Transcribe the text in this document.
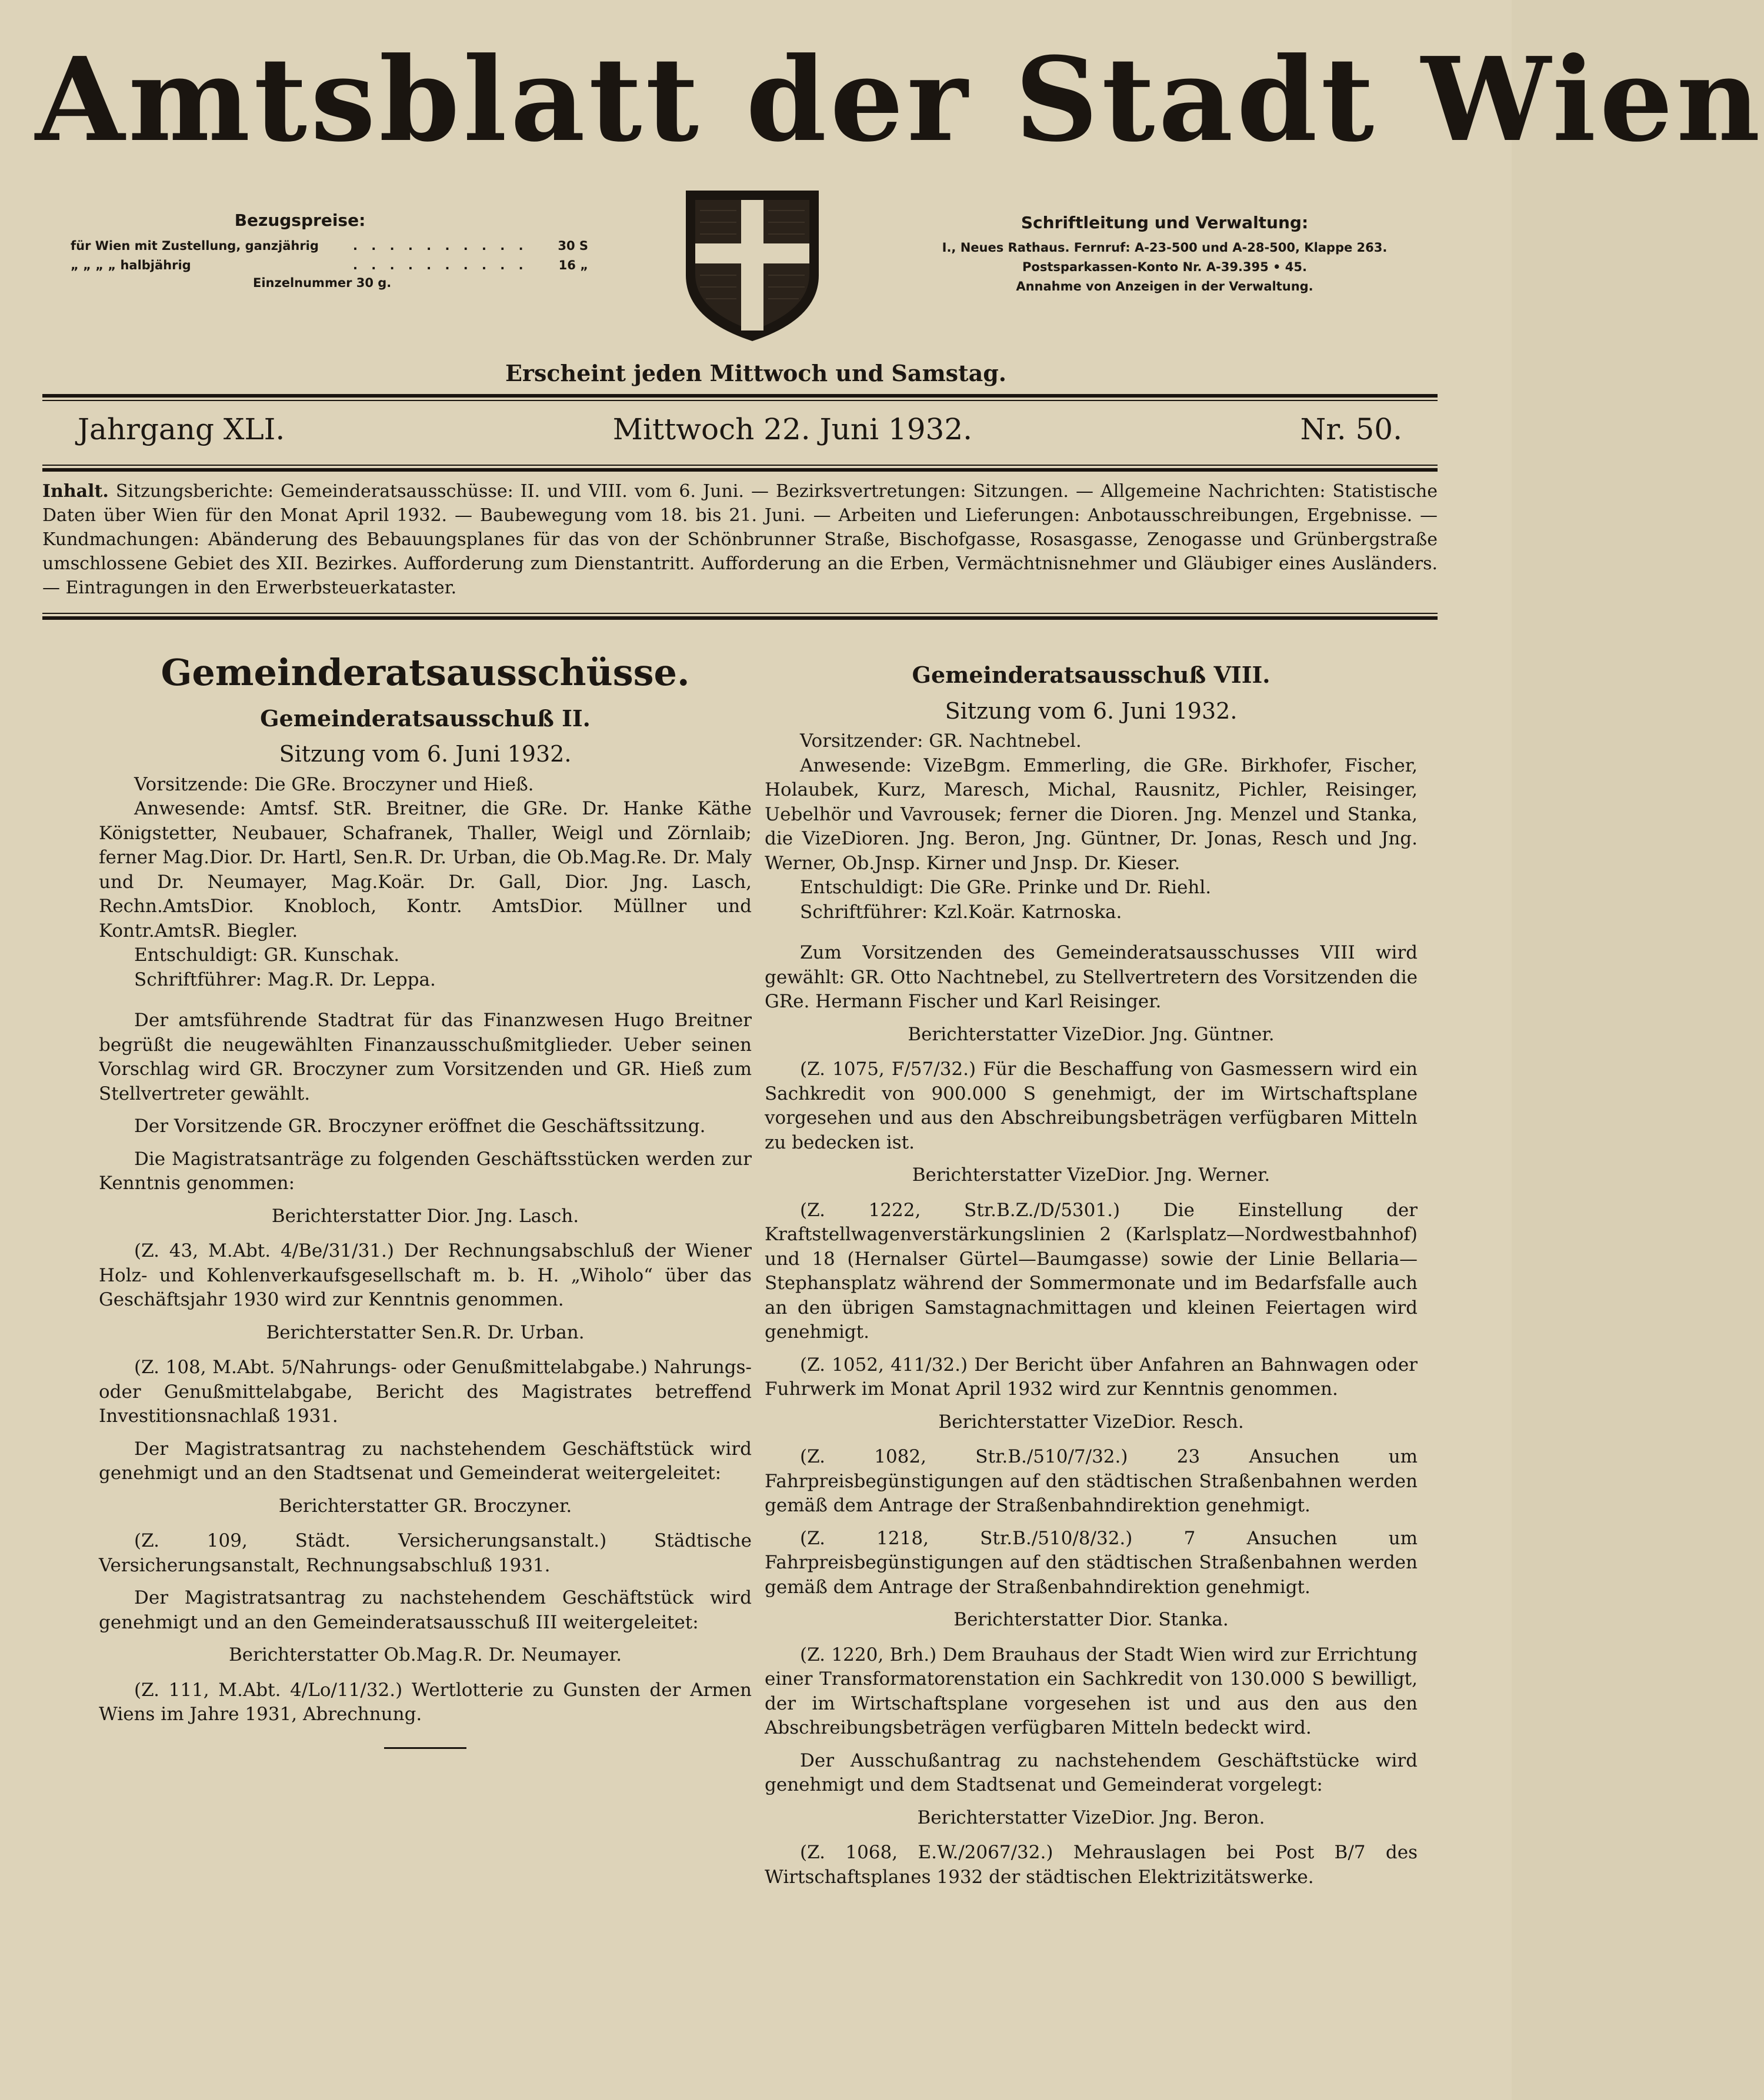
Amtsblatt der Stadt Wien
Bezugspreise:
für Wien mit Zustellung, ganzjährig	. . . . . . . . . .	30 S
„ „ „ „ halbjährig	. . . . . . . . . .	16 „
Einzelnummer 30 g.
Schriftleitung und Verwaltung:
I., Neues Rathaus. Fernruf: A-23-500 und A-28-500, Klappe 263.
Postsparkassen-Konto Nr. A-39.395 • 45.
Annahme von Anzeigen in der Verwaltung.
Erscheint jeden Mittwoch und Samstag.
Jahrgang XLI.	Mittwoch 22. Juni 1932.	Nr. 50.
Inhalt. Sitzungsberichte: Gemeinderatsausschüsse: II. und VIII. vom 6. Juni. — Bezirksvertretungen: Sitzungen. — Allgemeine Nachrichten: Statistische Daten über Wien für den Monat April 1932. — Baubewegung vom 18. bis 21. Juni. — Arbeiten und Lieferungen: Anbotausschreibungen, Ergebnisse. — Kundmachungen: Abänderung des Bebauungsplanes für das von der Schönbrunner Straße, Bischofgasse, Rosasgasse, Zenogasse und Grünbergstraße umschlossene Gebiet des XII. Bezirkes. Aufforderung zum Dienstantritt. Aufforderung an die Erben, Vermächtnisnehmer und Gläubiger eines Ausländers. — Eintragungen in den Erwerbsteuerkataster.
Gemeinderatsausschüsse.
Gemeinderatsausschuß II.
Sitzung vom 6. Juni 1932.

Vorsitzende: Die GRe. Broczyner und Hieß.

Anwesende: Amtsf. StR. Breitner, die GRe. Dr. Hanke Käthe Königstetter, Neubauer, Schafranek, Thaller, Weigl und Zörnlaib; ferner Mag.Dior. Dr. Hartl, Sen.R. Dr. Urban, die Ob.Mag.Re. Dr. Maly und Dr. Neumayer, Mag.Koär. Dr. Gall, Dior. Jng. Lasch, Rechn.AmtsDior. Knobloch, Kontr. AmtsDior. Müllner und Kontr.AmtsR. Biegler.

Entschuldigt: GR. Kunschak.

Schriftführer: Mag.R. Dr. Leppa.

Der amtsführende Stadtrat für das Finanzwesen Hugo Breitner begrüßt die neugewählten Finanzausschußmitglieder. Ueber seinen Vorschlag wird GR. Broczyner zum Vorsitzenden und GR. Hieß zum Stellvertreter gewählt.

Der Vorsitzende GR. Broczyner eröffnet die Geschäftssitzung.

Die Magistratsanträge zu folgenden Geschäftsstücken werden zur Kenntnis genommen:

Berichterstatter Dior. Jng. Lasch.

(Z. 43, M.Abt. 4/Be/31/31.) Der Rechnungsabschluß der Wiener Holz- und Kohlenverkaufsgesellschaft m. b. H. „Wiholo“ über das Geschäftsjahr 1930 wird zur Kenntnis genommen.

Berichterstatter Sen.R. Dr. Urban.

(Z. 108, M.Abt. 5/Nahrungs- oder Genußmittelabgabe.) Nahrungs- oder Genußmittelabgabe, Bericht des Magistrates betreffend Investitionsnachlaß 1931.

Der Magistratsantrag zu nachstehendem Geschäftstück wird genehmigt und an den Stadtsenat und Gemeinderat weitergeleitet:

Berichterstatter GR. Broczyner.

(Z. 109, Städt. Versicherungsanstalt.) Städtische Versicherungsanstalt, Rechnungsabschluß 1931.

Der Magistratsantrag zu nachstehendem Geschäftstück wird genehmigt und an den Gemeinderatsausschuß III weitergeleitet:

Berichterstatter Ob.Mag.R. Dr. Neumayer.

(Z. 111, M.Abt. 4/Lo/11/32.) Wertlotterie zu Gunsten der Armen Wiens im Jahre 1931, Abrechnung.

Gemeinderatsausschuß VIII.
Sitzung vom 6. Juni 1932.

Vorsitzender: GR. Nachtnebel.

Anwesende: VizeBgm. Emmerling, die GRe. Birkhofer, Fischer, Holaubek, Kurz, Maresch, Michal, Rausnitz, Pichler, Reisinger, Uebelhör und Vavrousek; ferner die Dioren. Jng. Menzel und Stanka, die VizeDioren. Jng. Beron, Jng. Güntner, Dr. Jonas, Resch und Jng. Werner, Ob.Jnsp. Kirner und Jnsp. Dr. Kieser.

Entschuldigt: Die GRe. Prinke und Dr. Riehl.

Schriftführer: Kzl.Koär. Katrnoska.

Zum Vorsitzenden des Gemeinderatsausschusses VIII wird gewählt: GR. Otto Nachtnebel, zu Stellvertretern des Vorsitzenden die GRe. Hermann Fischer und Karl Reisinger.

Berichterstatter VizeDior. Jng. Güntner.

(Z. 1075, F/57/32.) Für die Beschaffung von Gasmessern wird ein Sachkredit von 900.000 S genehmigt, der im Wirtschaftsplane vorgesehen und aus den Abschreibungsbeträgen verfügbaren Mitteln zu bedecken ist.

Berichterstatter VizeDior. Jng. Werner.

(Z. 1222, Str.B.Z./D/5301.) Die Einstellung der Kraftstellwagenverstärkungslinien 2 (Karlsplatz—Nordwestbahnhof) und 18 (Hernalser Gürtel—Baumgasse) sowie der Linie Bellaria—Stephansplatz während der Sommermonate und im Bedarfsfalle auch an den übrigen Samstagnachmittagen und kleinen Feiertagen wird genehmigt.

(Z. 1052, 411/32.) Der Bericht über Anfahren an Bahnwagen oder Fuhrwerk im Monat April 1932 wird zur Kenntnis genommen.

Berichterstatter VizeDior. Resch.

(Z. 1082, Str.B./510/7/32.) 23 Ansuchen um Fahrpreisbegünstigungen auf den städtischen Straßenbahnen werden gemäß dem Antrage der Straßenbahndirektion genehmigt.

(Z. 1218, Str.B./510/8/32.) 7 Ansuchen um Fahrpreisbegünstigungen auf den städtischen Straßenbahnen werden gemäß dem Antrage der Straßenbahndirektion genehmigt.

Berichterstatter Dior. Stanka.

(Z. 1220, Brh.) Dem Brauhaus der Stadt Wien wird zur Errichtung einer Transformatorenstation ein Sachkredit von 130.000 S bewilligt, der im Wirtschaftsplane vorgesehen ist und aus den aus den Abschreibungsbeträgen verfügbaren Mitteln bedeckt wird.

Der Ausschußantrag zu nachstehendem Geschäftstücke wird genehmigt und dem Stadtsenat und Gemeinderat vorgelegt:

Berichterstatter VizeDior. Jng. Beron.

(Z. 1068, E.W./2067/32.) Mehrauslagen bei Post B/7 des Wirtschaftsplanes 1932 der städtischen Elektrizitätswerke.
